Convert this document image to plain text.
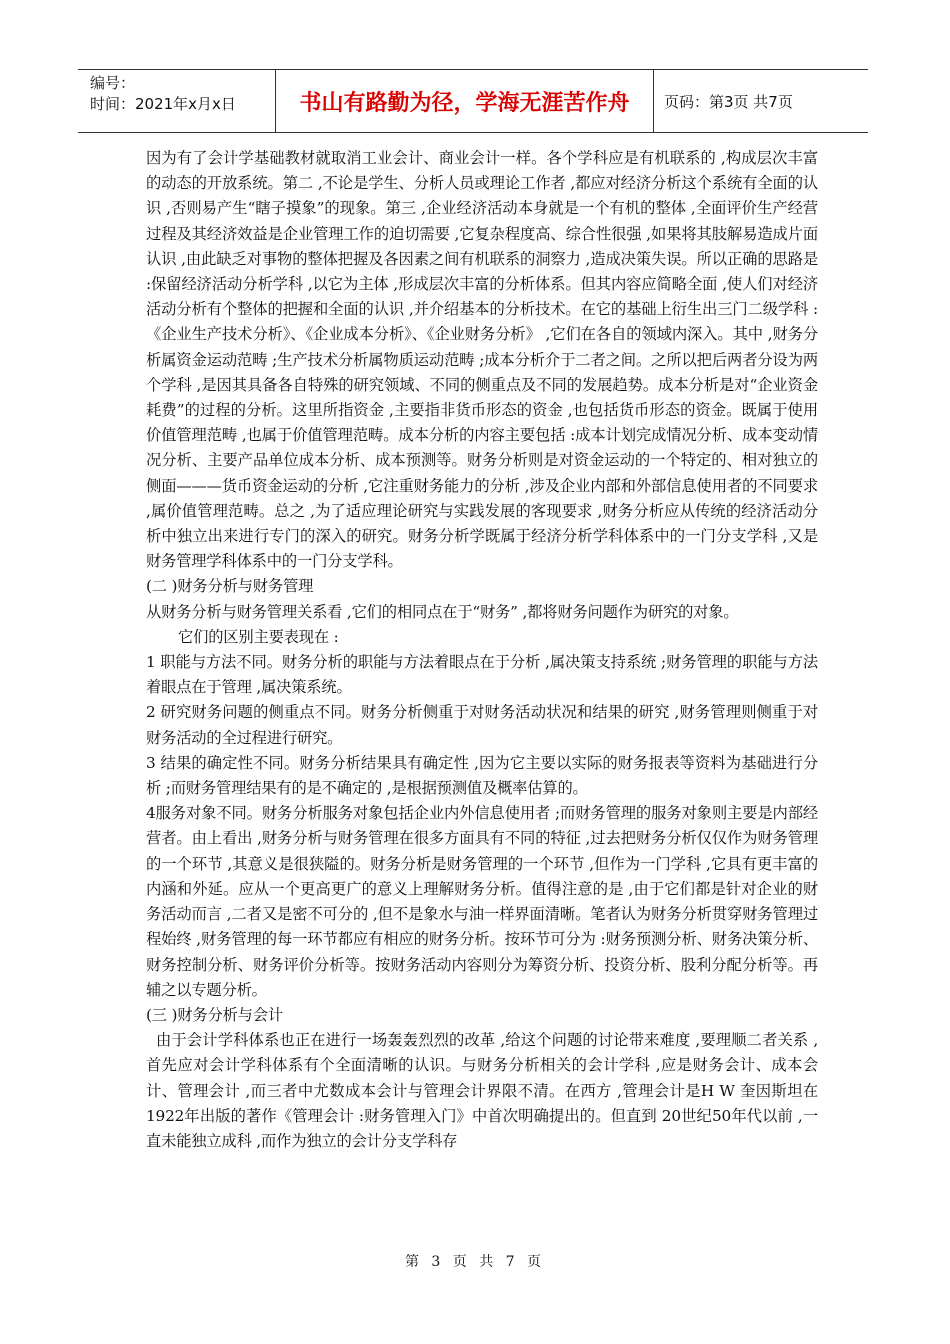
编号：
时间：2021年x月x日	书山有路勤为径，学海无涯苦作舟	页码：第3页 共7页

因为有了会计学基础教材就取消工业会计、商业会计一样。各个学科应是有机联系的 ,构成层次丰富的动态的开放系统。第二 ,不论是学生、分析人员或理论工作者 ,都应对经济分析这个系统有全面的认识 ,否则易产生“瞎子摸象”的现象。第三 ,企业经济活动本身就是一个有机的整体 ,全面评价生产经营过程及其经济效益是企业管理工作的迫切需要 ,它复杂程度高、综合性很强 ,如果将其肢解易造成片面认识 ,由此缺乏对事物的整体把握及各因素之间有机联系的洞察力 ,造成决策失误。所以正确的思路是 :保留经济活动分析学科 ,以它为主体 ,形成层次丰富的分析体系。但其内容应简略全面 ,使人们对经济活动分析有个整体的把握和全面的认识 ,并介绍基本的分析技术。在它的基础上衍生出三门二级学科 :《企业生产技术分析》、《企业成本分析》、《企业财务分析》 ,它们在各自的领域内深入。其中 ,财务分析属资金运动范畴 ;生产技术分析属物质运动范畴 ;成本分析介于二者之间。之所以把后两者分设为两个学科 ,是因其具备各自特殊的研究领域、不同的侧重点及不同的发展趋势。成本分析是对“企业资金耗费”的过程的分析。这里所指资金 ,主要指非货币形态的资金 ,也包括货币形态的资金。既属于使用价值管理范畴 ,也属于价值管理范畴。成本分析的内容主要包括 :成本计划完成情况分析、成本变动情况分析、主要产品单位成本分析、成本预测等。财务分析则是对资金运动的一个特定的、相对独立的侧面———货币资金运动的分析 ,它注重财务能力的分析 ,涉及企业内部和外部信息使用者的不同要求 ,属价值管理范畴。总之 ,为了适应理论研究与实践发展的客现要求 ,财务分析应从传统的经济活动分析中独立出来进行专门的深入的研究。财务分析学既属于经济分析学科体系中的一门分支学科 ,又是财务管理学科体系中的一门分支学科。

(二 )财务分析与财务管理

从财务分析与财务管理关系看 ,它们的相同点在于“财务” ,都将财务问题作为研究的对象。

它们的区别主要表现在 :

1 职能与方法不同。财务分析的职能与方法着眼点在于分析 ,属决策支持系统 ;财务管理的职能与方法着眼点在于管理 ,属决策系统。

2 研究财务问题的侧重点不同。财务分析侧重于对财务活动状况和结果的研究 ,财务管理则侧重于对财务活动的全过程进行研究。

3 结果的确定性不同。财务分析结果具有确定性 ,因为它主要以实际的财务报表等资料为基础进行分析 ;而财务管理结果有的是不确定的 ,是根据预测值及概率估算的。

4服务对象不同。财务分析服务对象包括企业内外信息使用者 ;而财务管理的服务对象则主要是内部经营者。由上看出 ,财务分析与财务管理在很多方面具有不同的特征 ,过去把财务分析仅仅作为财务管理的一个环节 ,其意义是很狭隘的。财务分析是财务管理的一个环节 ,但作为一门学科 ,它具有更丰富的内涵和外延。应从一个更高更广的意义上理解财务分析。值得注意的是 ,由于它们都是针对企业的财务活动而言 ,二者又是密不可分的 ,但不是象水与油一样界面清晰。笔者认为财务分析贯穿财务管理过程始终 ,财务管理的每一环节都应有相应的财务分析。按环节可分为 :财务预测分析、财务决策分析、财务控制分析、财务评价分析等。按财务活动内容则分为筹资分析、投资分析、股利分配分析等。再辅之以专题分析。

(三 )财务分析与会计

由于会计学科体系也正在进行一场轰轰烈烈的改革 ,给这个问题的讨论带来难度 ,要理顺二者关系 ,首先应对会计学科体系有个全面清晰的认识。与财务分析相关的会计学科 ,应是财务会计、成本会计、管理会计 ,而三者中尤数成本会计与管理会计界限不清。在西方 ,管理会计是H W 奎因斯坦在 1922年出版的著作《管理会计 :财务管理入门》中首次明确提出的。但直到 20世纪50年代以前 ,一直未能独立成科 ,而作为独立的会计分支学科存

第 3 页 共 7 页
